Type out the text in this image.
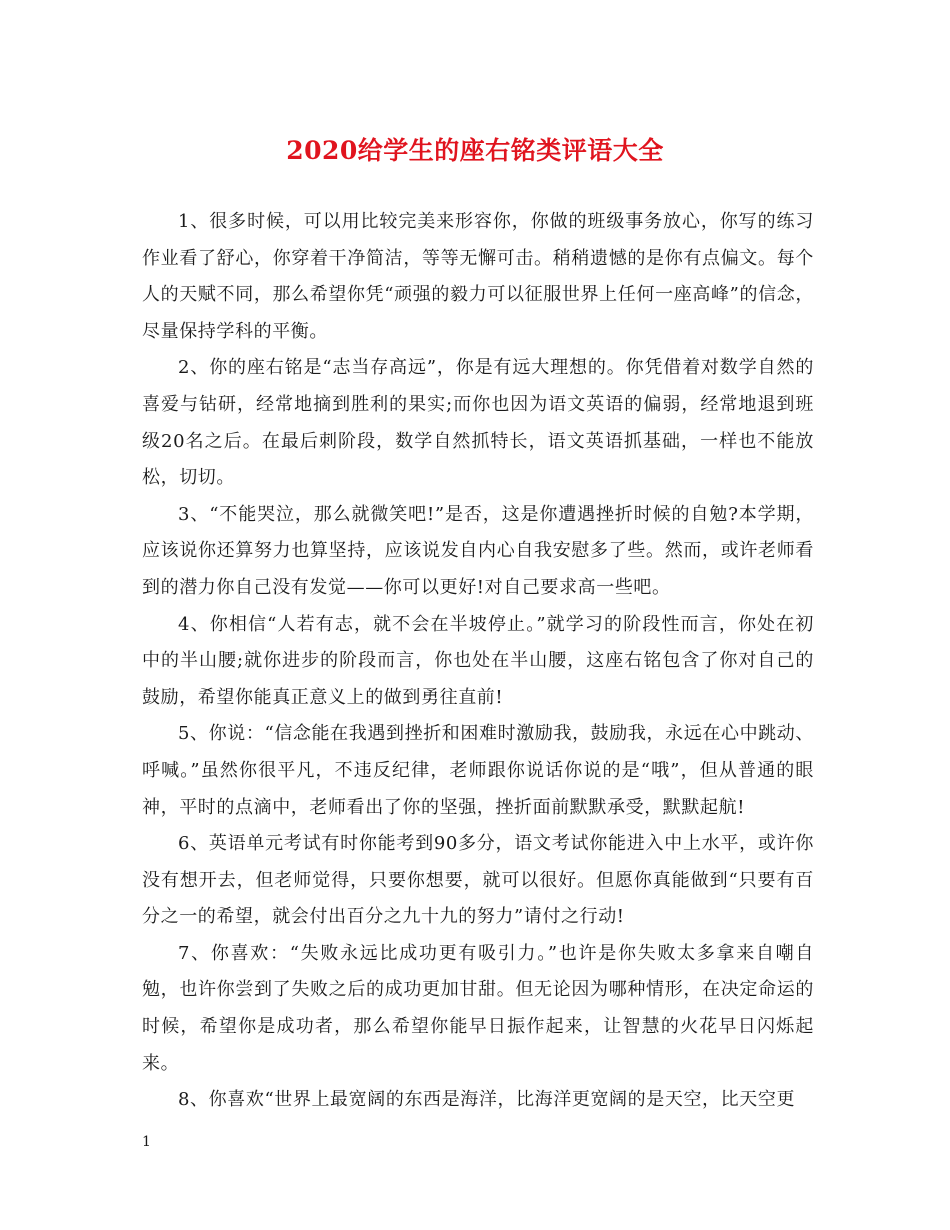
2020给学生的座右铭类评语大全

1、很多时候，可以用比较完美来形容你，你做的班级事务放心，你写的练习作业看了舒心，你穿着干净简洁，等等无懈可击。稍稍遗憾的是你有点偏文。每个人的天赋不同，那么希望你凭“顽强的毅力可以征服世界上任何一座高峰”的信念，尽量保持学科的平衡。

2、你的座右铭是“志当存高远”，你是有远大理想的。你凭借着对数学自然的喜爱与钻研，经常地摘到胜利的果实;而你也因为语文英语的偏弱，经常地退到班级20名之后。在最后刺阶段，数学自然抓特长，语文英语抓基础，一样也不能放松，切切。

3、“不能哭泣，那么就微笑吧!”是否，这是你遭遇挫折时候的自勉?本学期，应该说你还算努力也算坚持，应该说发自内心自我安慰多了些。然而，或许老师看到的潜力你自己没有发觉——你可以更好!对自己要求高一些吧。

4、你相信“人若有志，就不会在半坡停止。”就学习的阶段性而言，你处在初中的半山腰;就你进步的阶段而言，你也处在半山腰，这座右铭包含了你对自己的鼓励，希望你能真正意义上的做到勇往直前!

5、你说：“信念能在我遇到挫折和困难时激励我，鼓励我，永远在心中跳动、呼喊。”虽然你很平凡，不违反纪律，老师跟你说话你说的是“哦”，但从普通的眼神，平时的点滴中，老师看出了你的坚强，挫折面前默默承受，默默起航!

6、英语单元考试有时你能考到90多分，语文考试你能进入中上水平，或许你没有想开去，但老师觉得，只要你想要，就可以很好。但愿你真能做到“只要有百分之一的希望，就会付出百分之九十九的努力”请付之行动!

7、你喜欢：“失败永远比成功更有吸引力。”也许是你失败太多拿来自嘲自勉，也许你尝到了失败之后的成功更加甘甜。但无论因为哪种情形，在决定命运的时候，希望你是成功者，那么希望你能早日振作起来，让智慧的火花早日闪烁起来。

8、你喜欢“世界上最宽阔的东西是海洋，比海洋更宽阔的是天空，比天空更

1
